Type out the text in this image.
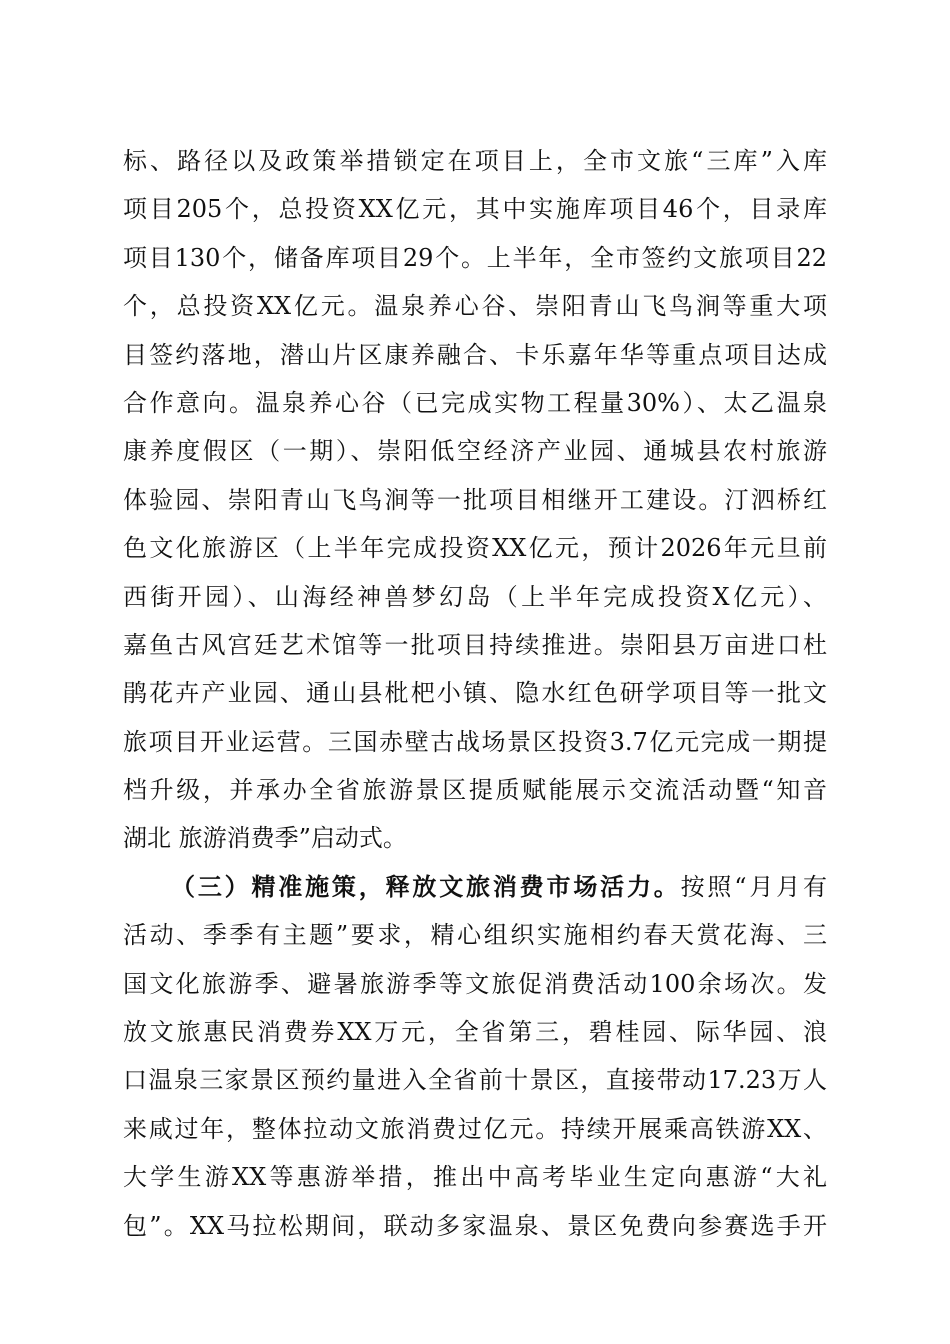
标、路径以及政策举措锁定在项目上，全市文旅“三库”入库
项目205个，总投资XX亿元，其中实施库项目46个，目录库
项目130个，储备库项目29个。上半年，全市签约文旅项目22
个，总投资XX亿元。温泉养心谷、崇阳青山飞鸟涧等重大项
目签约落地，潜山片区康养融合、卡乐嘉年华等重点项目达成
合作意向。温泉养心谷（已完成实物工程量30%）、太乙温泉
康养度假区（一期）、崇阳低空经济产业园、通城县农村旅游
体验园、崇阳青山飞鸟涧等一批项目相继开工建设。汀泗桥红
色文化旅游区（上半年完成投资XX亿元，预计2026年元旦前
西街开园）、山海经神兽梦幻岛（上半年完成投资X亿元）、
嘉鱼古风宫廷艺术馆等一批项目持续推进。崇阳县万亩进口杜
鹃花卉产业园、通山县枇杷小镇、隐水红色研学项目等一批文
旅项目开业运营。三国赤壁古战场景区投资3.7亿元完成一期提
档升级，并承办全省旅游景区提质赋能展示交流活动暨“知音
湖北 旅游消费季”启动式。
（三）精准施策，释放文旅消费市场活力。按照“月月有
活动、季季有主题”要求，精心组织实施相约春天赏花海、三
国文化旅游季、避暑旅游季等文旅促消费活动100余场次。发
放文旅惠民消费券XX万元，全省第三，碧桂园、际华园、浪
口温泉三家景区预约量进入全省前十景区，直接带动17.23万人
来咸过年，整体拉动文旅消费过亿元。持续开展乘高铁游XX、
大学生游XX等惠游举措，推出中高考毕业生定向惠游“大礼
包”。XX马拉松期间，联动多家温泉、景区免费向参赛选手开
